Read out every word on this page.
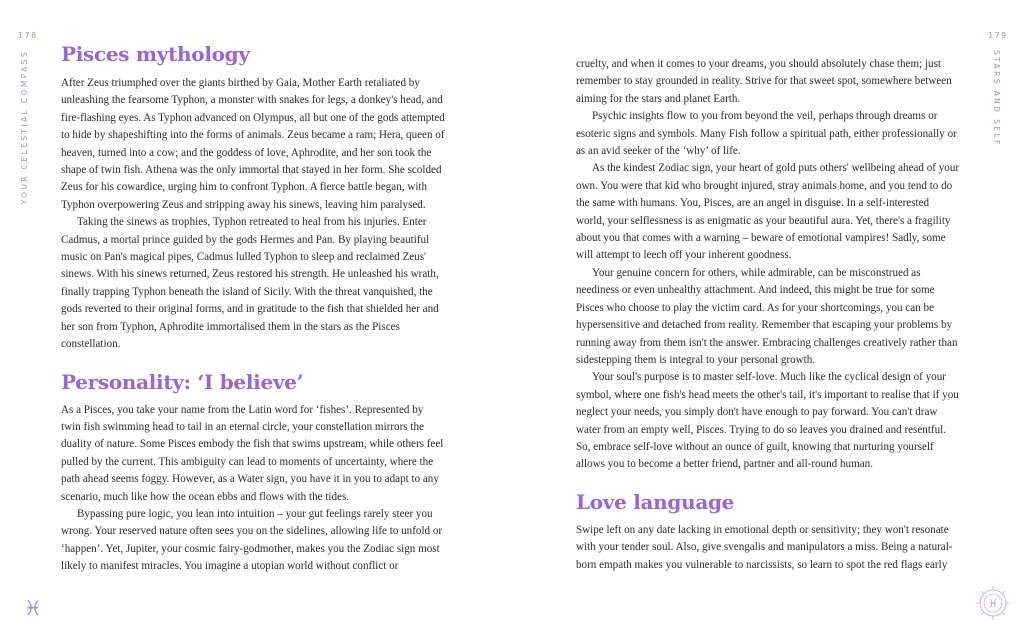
178
YOUR CELESTIAL COMPASS Pisces mythology

After Zeus triumphed over the giants birthed by Gaia, Mother Earth retaliated by unleashing the fearsome Typhon, a monster with snakes for legs, a donkey's head, and fire-flashing eyes. As Typhon advanced on Olympus, all but one of the gods attempted to hide by shapeshifting into the forms of animals. Zeus became a ram; Hera, queen of heaven, turned into a cow; and the goddess of love, Aphrodite, and her son took the shape of twin fish. Athena was the only immortal that stayed in her form. She scolded Zeus for his cowardice, urging him to confront Typhon. A fierce battle began, with Typhon overpowering Zeus and stripping away his sinews, leaving him paralysed.

Taking the sinews as trophies, Typhon retreated to heal from his injuries. Enter Cadmus, a mortal prince guided by the gods Hermes and Pan. By playing beautiful music on Pan's magical pipes, Cadmus lulled Typhon to sleep and reclaimed Zeus' sinews. With his sinews returned, Zeus restored his strength. He unleashed his wrath, finally trapping Typhon beneath the island of Sicily. With the threat vanquished, the gods reverted to their original forms, and in gratitude to the fish that shielded her and her son from Typhon, Aphrodite immortalised them in the stars as the Pisces constellation.

Personality: ‘I believe’

As a Pisces, you take your name from the Latin word for ‘fishes’. Represented by twin fish swimming head to tail in an eternal circle, your constellation mirrors the duality of nature. Some Pisces embody the fish that swims upstream, while others feel pulled by the current. This ambiguity can lead to moments of uncertainty, where the path ahead seems foggy. However, as a Water sign, you have it in you to adapt to any scenario, much like how the ocean ebbs and flows with the tides.

Bypassing pure logic, you lean into intuition – your gut feelings rarely steer you wrong. Your reserved nature often sees you on the sidelines, allowing life to unfold or ‘happen’. Yet, Jupiter, your cosmic fairy-godmother, makes you the Zodiac sign most likely to manifest miracles. You imagine a utopian world without conflict or

♓
179
STARS AND SELF

cruelty, and when it comes to your dreams, you should absolutely chase them; just remember to stay grounded in reality. Strive for that sweet spot, somewhere between aiming for the stars and planet Earth.

Psychic insights flow to you from beyond the veil, perhaps through dreams or esoteric signs and symbols. Many Fish follow a spiritual path, either professionally or as an avid seeker of the ‘why’ of life.

As the kindest Zodiac sign, your heart of gold puts others' wellbeing ahead of your own. You were that kid who brought injured, stray animals home, and you tend to do the same with humans. You, Pisces, are an angel in disguise. In a self-interested world, your selflessness is as enigmatic as your beautiful aura. Yet, there's a fragility about you that comes with a warning – beware of emotional vampires! Sadly, some will attempt to leech off your inherent goodness.

Your genuine concern for others, while admirable, can be misconstrued as neediness or even unhealthy attachment. And indeed, this might be true for some Pisces who choose to play the victim card. As for your shortcomings, you can be hypersensitive and detached from reality. Remember that escaping your problems by running away from them isn't the answer. Embracing challenges creatively rather than sidestepping them is integral to your personal growth.

Your soul's purpose is to master self-love. Much like the cyclical design of your symbol, where one fish's head meets the other's tail, it's important to realise that if you neglect your needs, you simply don't have enough to pay forward. You can't draw water from an empty well, Pisces. Trying to do so leaves you drained and resentful. So, embrace self-love without an ounce of guilt, knowing that nurturing yourself allows you to become a better friend, partner and all-round human.

Love language

Swipe left on any date lacking in emotional depth or sensitivity; they won't resonate with your tender soul. Also, give svengalis and manipulators a miss. Being a natural-born empath makes you vulnerable to narcissists, so learn to spot the red flags early

♓
